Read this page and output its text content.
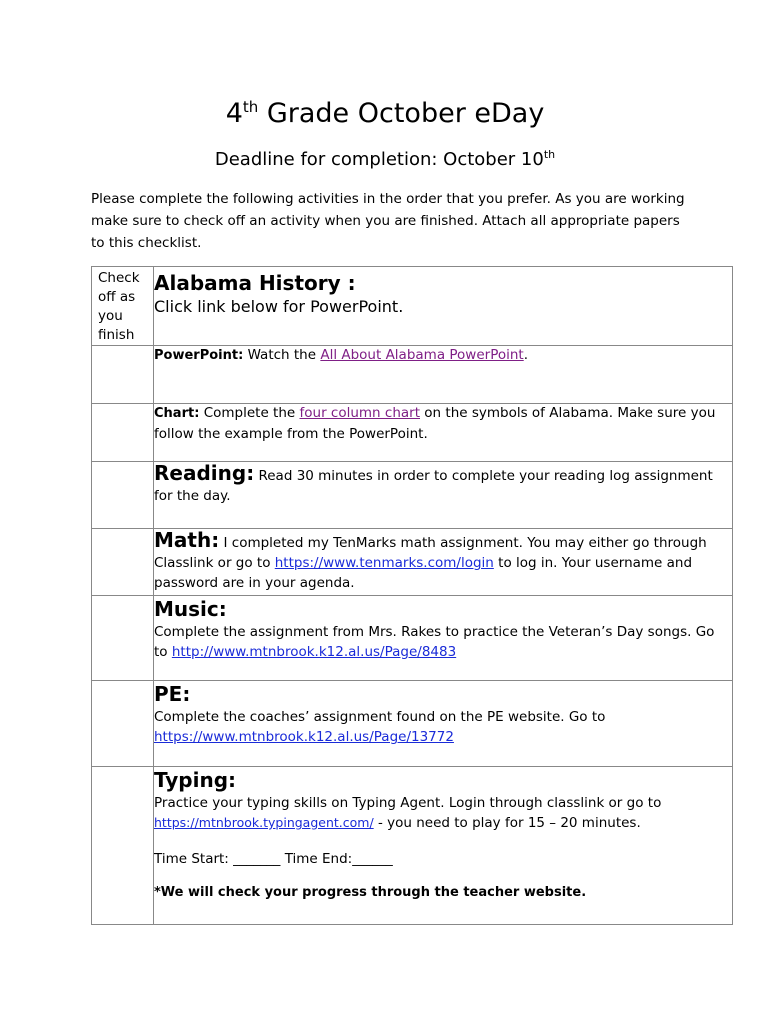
4th Grade October eDay
Deadline for completion: October 10th
Please complete the following activities in the order that you prefer. As you are working make sure to check off an activity when you are finished. Attach all appropriate papers to this checklist.
Check off as you finish	Alabama History :
Click link below for PowerPoint.

	PowerPoint: Watch the All About Alabama PowerPoint.

	Chart: Complete the four column chart on the symbols of Alabama. Make sure you follow the example from the PowerPoint.

	Reading: Read 30 minutes in order to complete your reading log assignment for the day.

	Math: I completed my TenMarks math assignment. You may either go through Classlink or go to https://www.tenmarks.com/login to log in. Your username and password are in your agenda.

	Music:
Complete the assignment from Mrs. Rakes to practice the Veteran’s Day songs. Go to http://www.mtnbrook.k12.al.us/Page/8483

	PE:
Complete the coaches’ assignment found on the PE website. Go to https://www.mtnbrook.k12.al.us/Page/13772

	Typing:
Practice your typing skills on Typing Agent. Login through classlink or go to https://mtnbrook.typingagent.com/ - you need to play for 15 – 20 minutes.
Time Start: _______ Time End:______
*We will check your progress through the teacher website.
